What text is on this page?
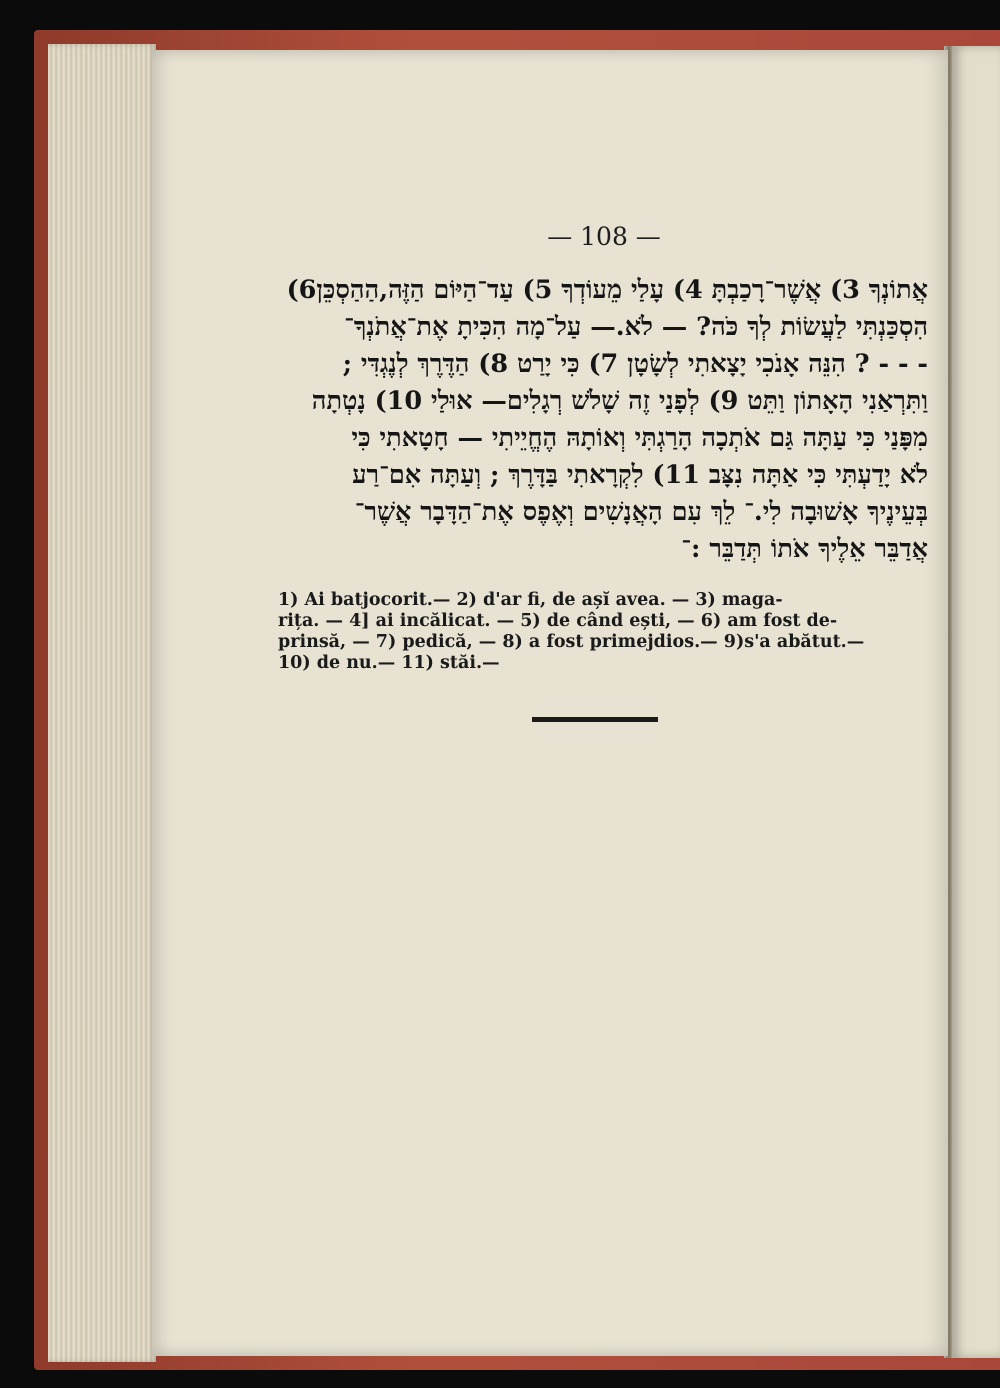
— 108 —
אֲתוֹנְךָ 3) אֲשֶׁר־רָכַבְתָּ 4) עָלַי מֵעוֹדְךָ 5) עַד־הַיּוֹם הַזֶּה,הַהַסְכֵּן6)
הִסְכַּנְתִּי לַעֲשׂוֹת לְךָ כֹּה? — לֹא.— עַל־מָה הִכִּיתָ אֶת־אֲתֹנְךָ־
- - - ? הִנֵּה אָנֹכִי יָצָאתִי לְשָׂטָן 7) כִּי יָרַט 8) הַדֶּרֶךְ לְנֶגְדִּי ;
וַתִּרְאַנִי הָאָתוֹן וַתֵּט 9) לְפָנַי זֶה שָׁלֹשׁ רְגָלִים— אוּלַי 10) נָטְתָה
מִפָּנַי כִּי עַתָּה גַּם אֹתְכָה הָרַגְתִּי וְאוֹתָהּ הֶחֱיֵיתִי — חָטָאתִי כִּי
לֹא יָדַעְתִּי כִּי אַתָּה נִצָּב 11) לִקְרָאתִי בַּדָּרֶךְ ; וְעַתָּה אִם־רַע
בְּעֵינֶיךָ אָשׁוּבָה לִי.־ לֵךְ עִם הָאֲנָשִׁים וְאֶפֶס אֶת־הַדָּבָר אֲשֶׁר־
אֲדַבֵּר אֵלֶיךָ אֹתוֹ תְּדַבֵּר :־
1) Ai batjocorit.— 2) d'ar fi, de așĭ avea. — 3) maga-
rița. — 4] ai incălicat. — 5) de când ești, — 6) am fost de-
prinsă, — 7) pedică, — 8) a fost primejdios.— 9)s'a abătut.—
10) de nu.— 11) stăi.—
